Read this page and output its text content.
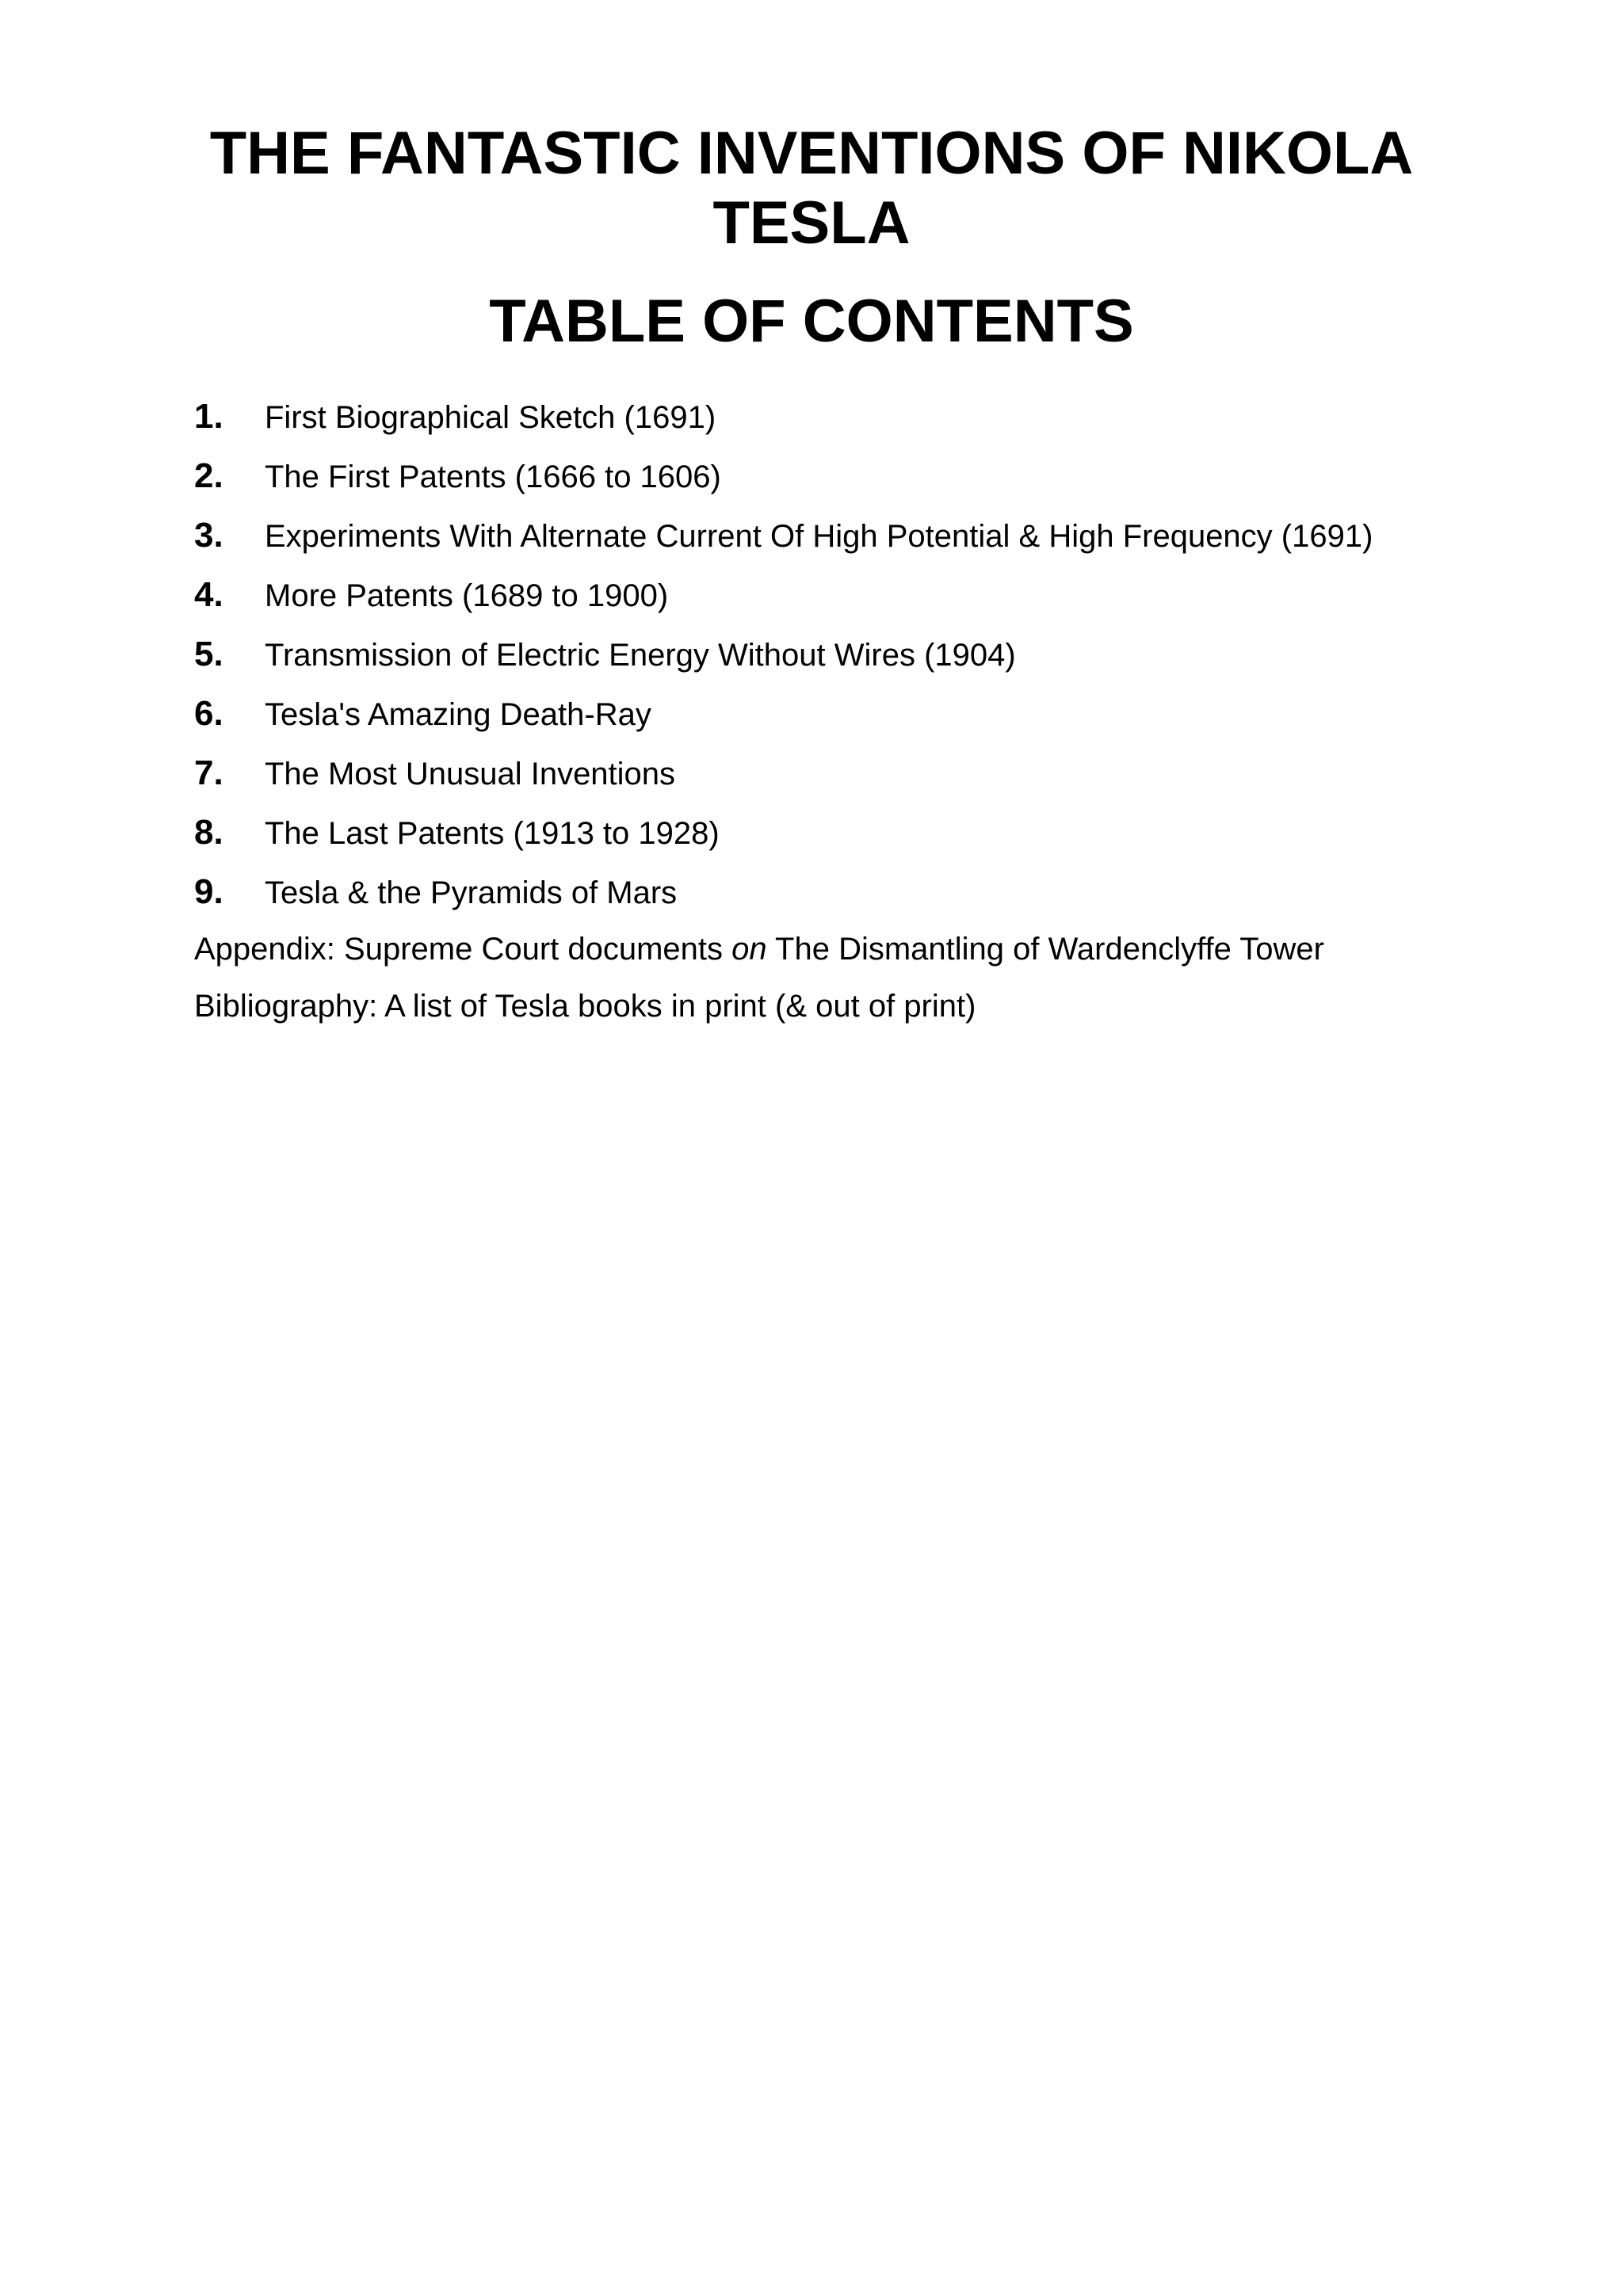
THE FANTASTIC INVENTIONS OF NIKOLA TESLA
TABLE OF CONTENTS
1.	First Biographical Sketch (1691)
2.	The First Patents (1666 to 1606)
3.	Experiments With Alternate Current Of High Potential & High Frequency (1691)
4.	More Patents (1689 to 1900)
5.	Transmission of Electric Energy Without Wires (1904)
6.	Tesla's Amazing Death-Ray
7.	The Most Unusual Inventions
8.	The Last Patents (1913 to 1928)
9.	Tesla & the Pyramids of Mars
Appendix: Supreme Court documents on The Dismantling of Wardenclyffe Tower
Bibliography: A list of Tesla books in print (& out of print)
